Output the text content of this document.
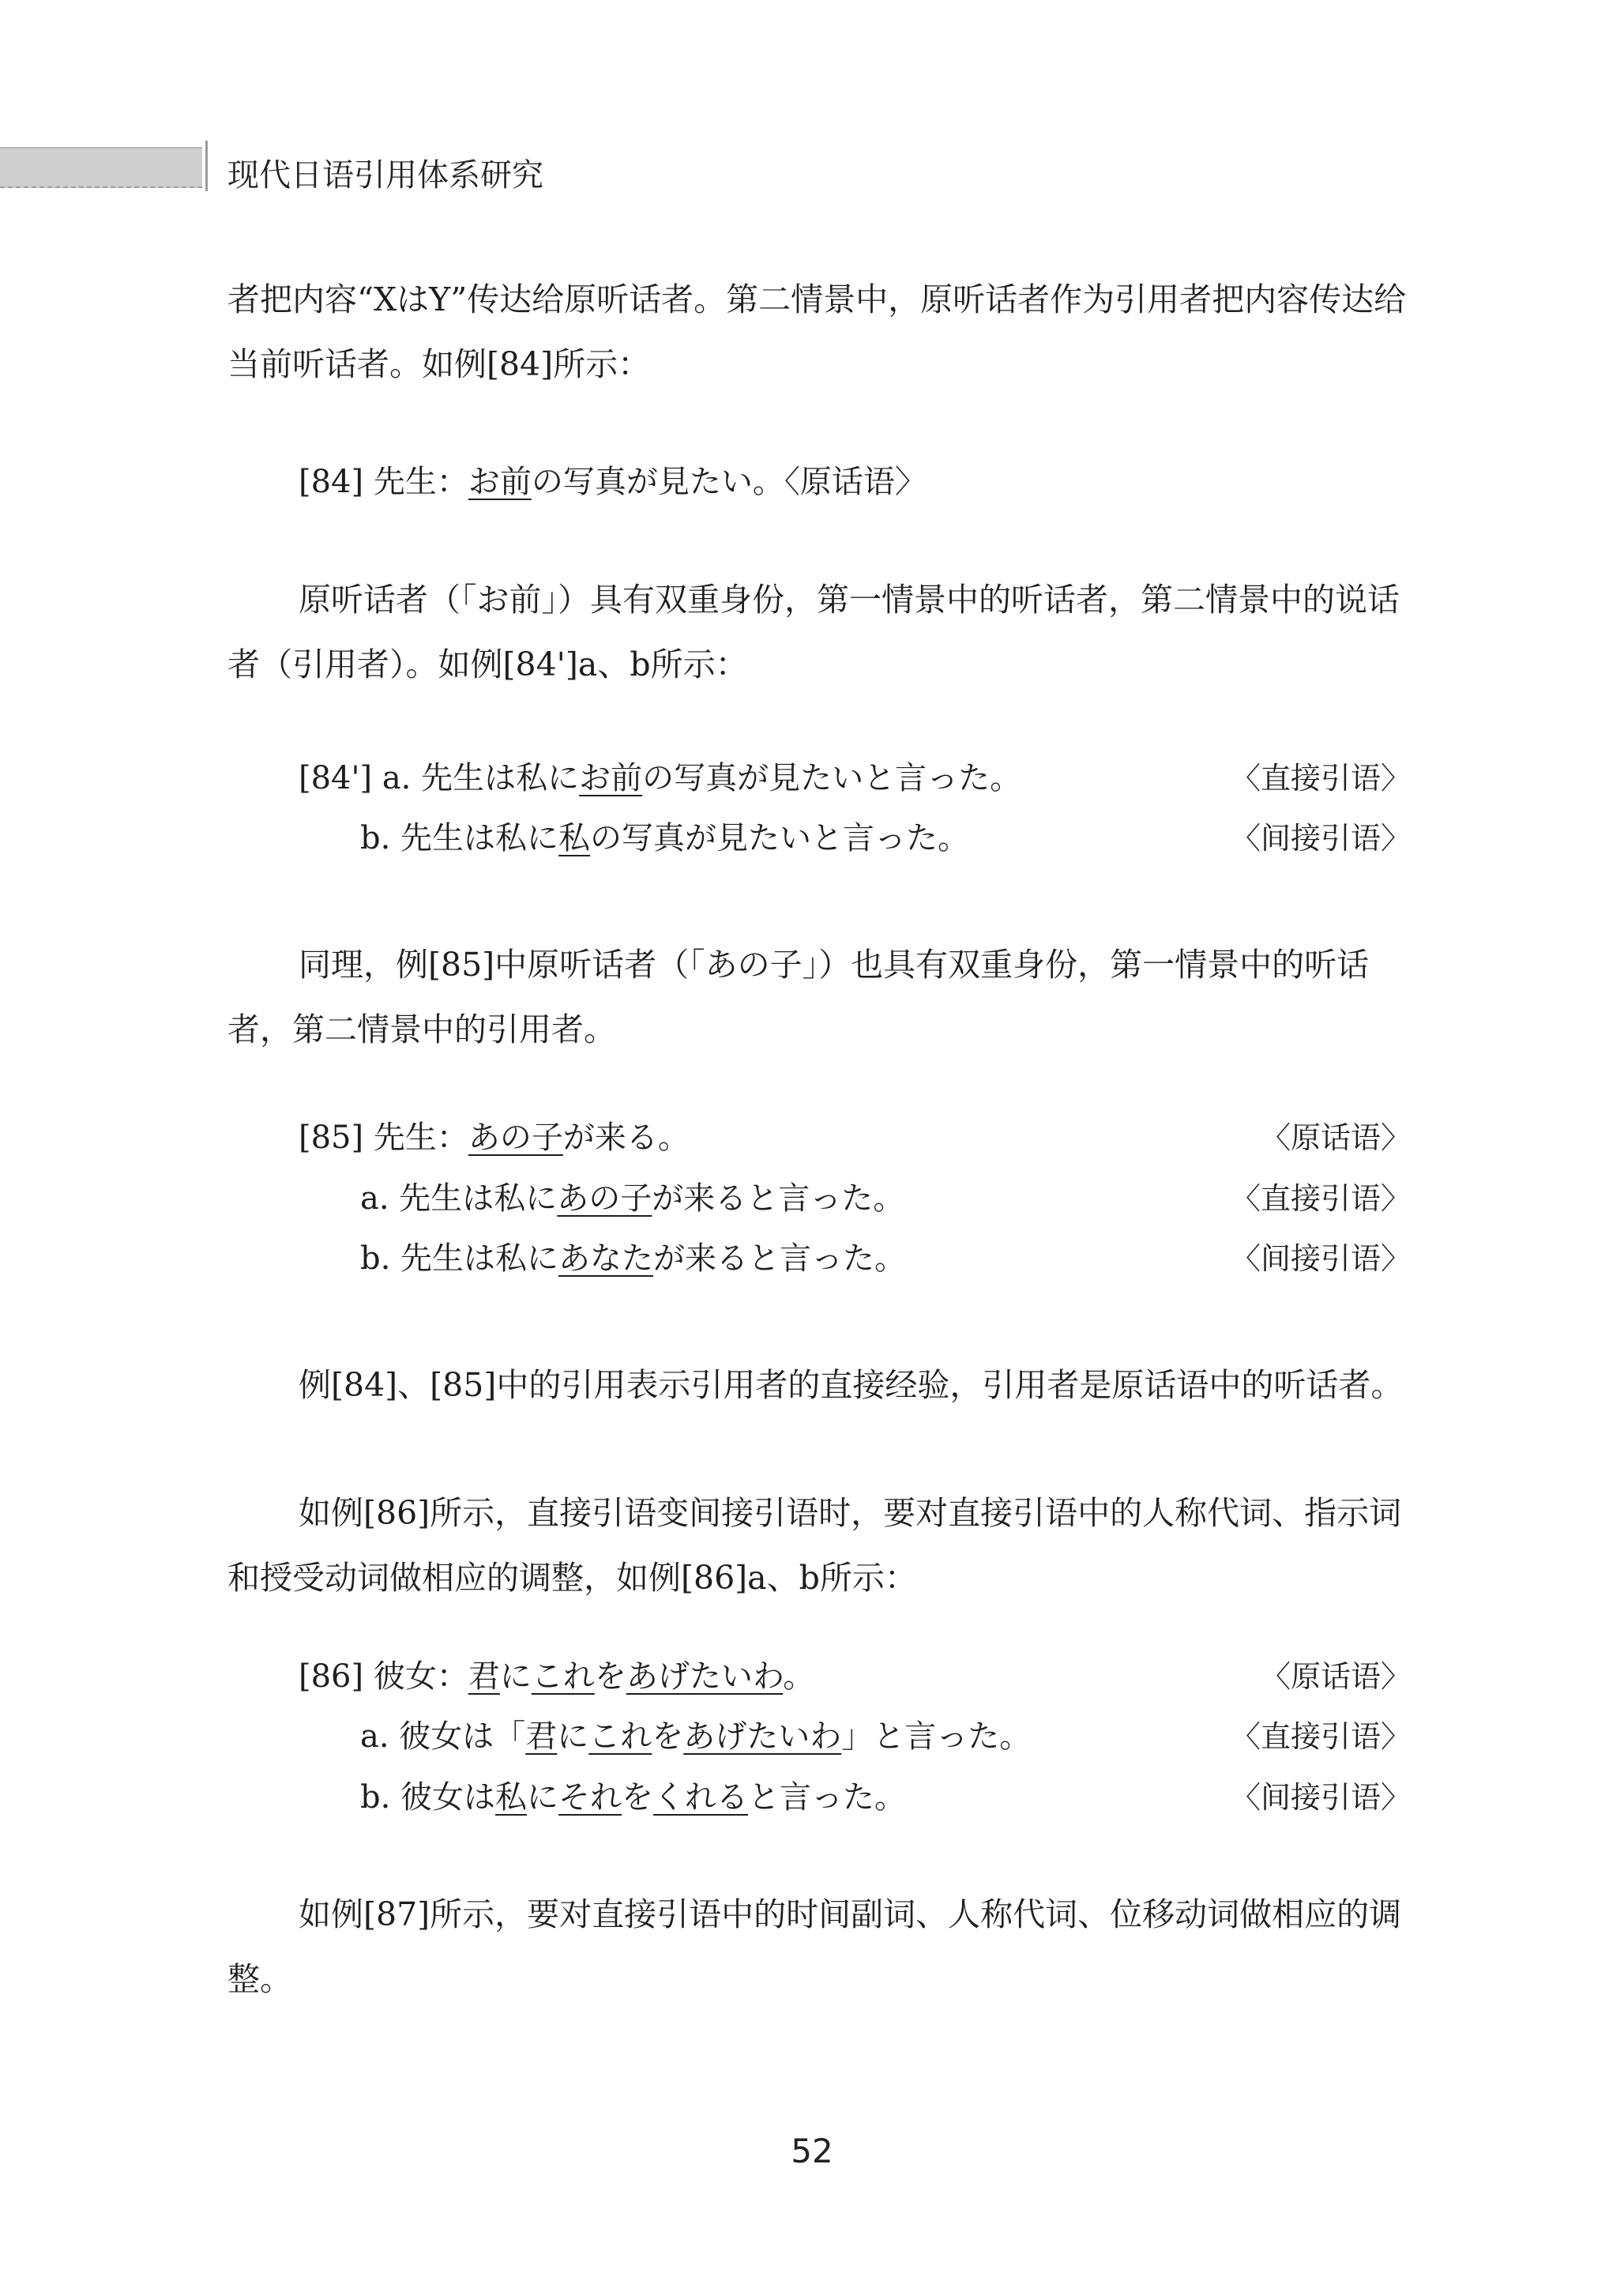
现代日语引用体系研究

者把内容“XはY”传达给原听话者。第二情景中，原听话者作为引用者把内容传达给当前听话者。如例[84]所示：

[84] 先生：お前の写真が見たい。〈原话语〉

原听话者（「お前」）具有双重身份，第一情景中的听话者，第二情景中的说话者（引用者）。如例[84']a、b所示：

[84'] a. 先生は私にお前の写真が見たいと言った。	〈直接引语〉
b. 先生は私に私の写真が見たいと言った。	〈间接引语〉

同理，例[85]中原听话者（「あの子」）也具有双重身份，第一情景中的听话者，第二情景中的引用者。

[85] 先生：あの子が来る。	〈原话语〉
a. 先生は私にあの子が来ると言った。	〈直接引语〉
b. 先生は私にあなたが来ると言った。	〈间接引语〉

例[84]、[85]中的引用表示引用者的直接经验，引用者是原话语中的听话者。

如例[86]所示，直接引语变间接引语时，要对直接引语中的人称代词、指示词和授受动词做相应的调整，如例[86]a、b所示：

[86] 彼女：君にこれをあげたいわ。	〈原话语〉
a. 彼女は「君にこれをあげたいわ」と言った。	〈直接引语〉
b. 彼女は私にそれをくれると言った。	〈间接引语〉

如例[87]所示，要对直接引语中的时间副词、人称代词、位移动词做相应的调整。

52
